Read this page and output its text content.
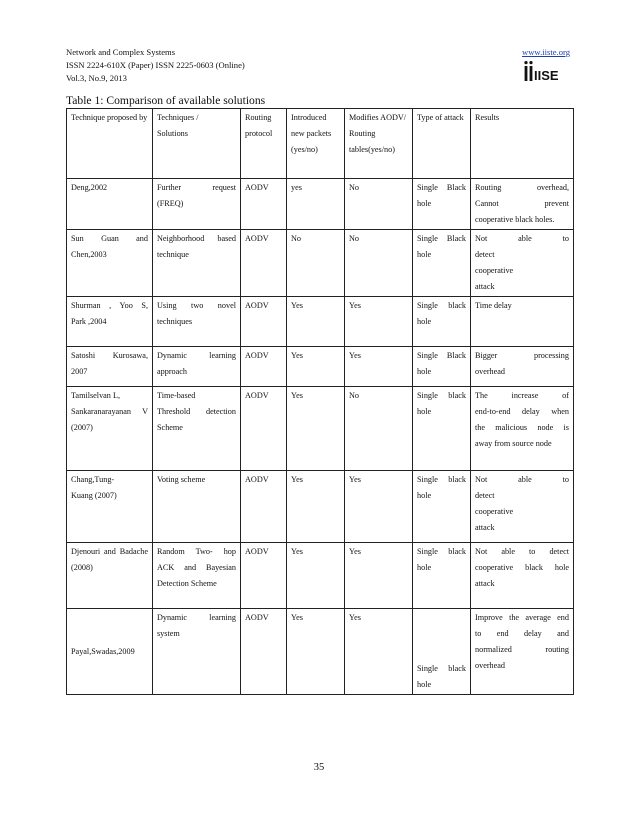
Network and Complex Systems
ISSN 2224-610X (Paper) ISSN 2225-0603 (Online)
Vol.3, No.9, 2013
www.iiste.org
IISE
Table 1: Comparison of available solutions
Technique proposed by	Techniques /
Solutions	Routing
protocol	Introduced
new packets
(yes/no)	Modifies AODV/
Routing
tables(yes/no)	Type of attack	Results

Deng,2002	Further request
(FREQ)	AODV	yes	No	Single Black
hole	Routing overhead,
Cannot prevent
cooperative black holes.

Sun Guan and
Chen,2003	Neighborhood based
technique	AODV	No	No	Single Black
hole	Not able to
detect
cooperative
attack

Shurman , Yoo S,
Park ,2004	Using two novel
techniques	AODV	Yes	Yes	Single black
hole	Time delay

Satoshi Kurosawa,
2007	Dynamic learning
approach	AODV	Yes	Yes	Single Black
hole	Bigger processing
overhead

Tamilselvan L,
Sankaranarayanan V
(2007)	Time-based
Threshold detection
Scheme	AODV	Yes	No	Single black
hole	The increase of
end-to-end delay when
the malicious node is
away from source node

Chang,Tung-
Kuang (2007)	Voting scheme	AODV	Yes	Yes	Single black
hole	Not able to
detect
cooperative
attack

Djenouri and Badache
(2008)	Random Two- hop
ACK and Bayesian
Detection Scheme	AODV	Yes	Yes	Single black
hole	Not able to detect
cooperative black hole
attack

Payal,Swadas,2009	Dynamic learning
system	AODV	Yes	Yes	Single black
hole	Improve the average end
to end delay and
normalized routing
overhead
35
